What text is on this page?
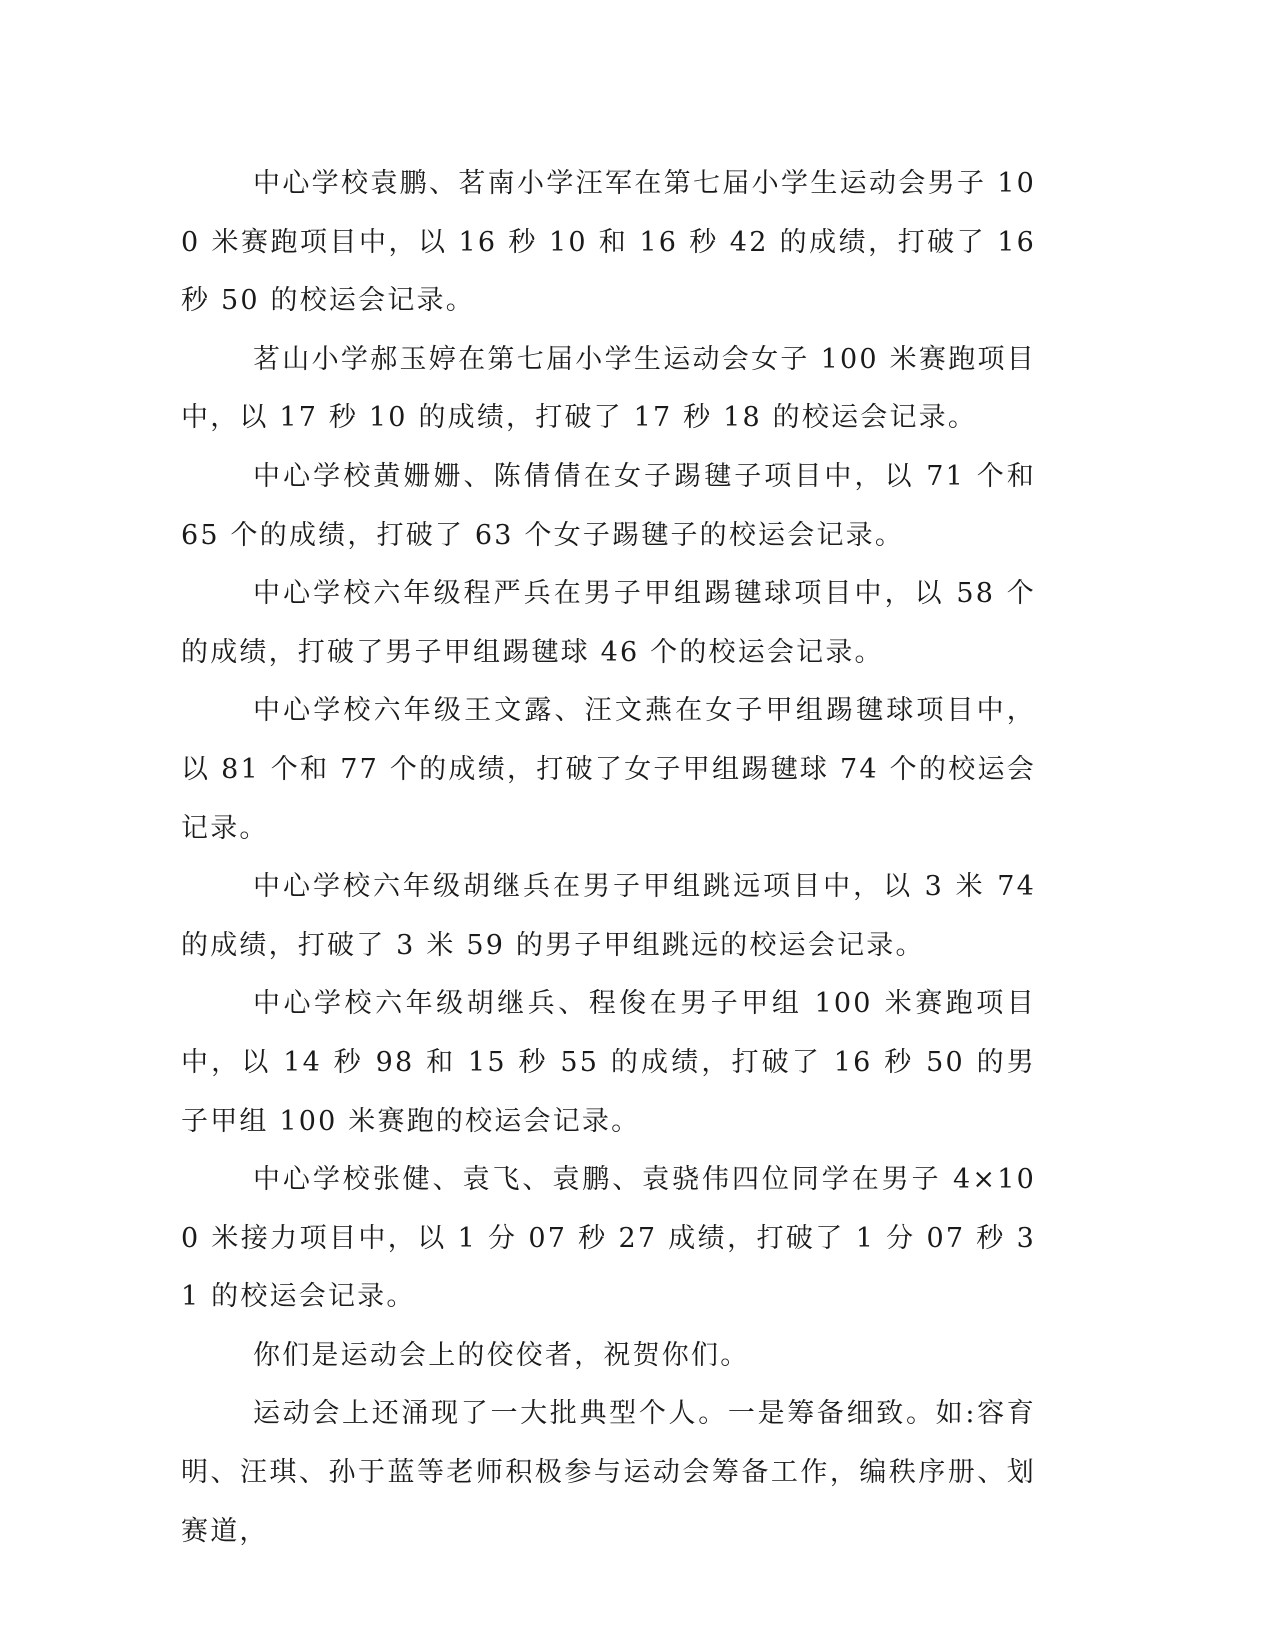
中心学校袁鹏、茗南小学汪军在第七届小学生运动会男子 100 米赛跑项目中，以 16 秒 10 和 16 秒 42 的成绩，打破了 16 秒 50 的校运会记录。

茗山小学郝玉婷在第七届小学生运动会女子 100 米赛跑项目中，以 17 秒 10 的成绩，打破了 17 秒 18 的校运会记录。

中心学校黄姗姗、陈倩倩在女子踢毽子项目中，以 71 个和 65 个的成绩，打破了 63 个女子踢毽子的校运会记录。

中心学校六年级程严兵在男子甲组踢毽球项目中，以 58 个的成绩，打破了男子甲组踢毽球 46 个的校运会记录。

中心学校六年级王文露、汪文燕在女子甲组踢毽球项目中，以 81 个和 77 个的成绩，打破了女子甲组踢毽球 74 个的校运会记录。

中心学校六年级胡继兵在男子甲组跳远项目中，以 3 米 74 的成绩，打破了 3 米 59 的男子甲组跳远的校运会记录。

中心学校六年级胡继兵、程俊在男子甲组 100 米赛跑项目中，以 14 秒 98 和 15 秒 55 的成绩，打破了 16 秒 50 的男子甲组 100 米赛跑的校运会记录。

中心学校张健、袁飞、袁鹏、袁骁伟四位同学在男子 4×100 米接力项目中，以 1 分 07 秒 27 成绩，打破了 1 分 07 秒 31 的校运会记录。

你们是运动会上的佼佼者，祝贺你们。

运动会上还涌现了一大批典型个人。一是筹备细致。如:容育明、汪琪、孙于蓝等老师积极参与运动会筹备工作，编秩序册、划赛道，
